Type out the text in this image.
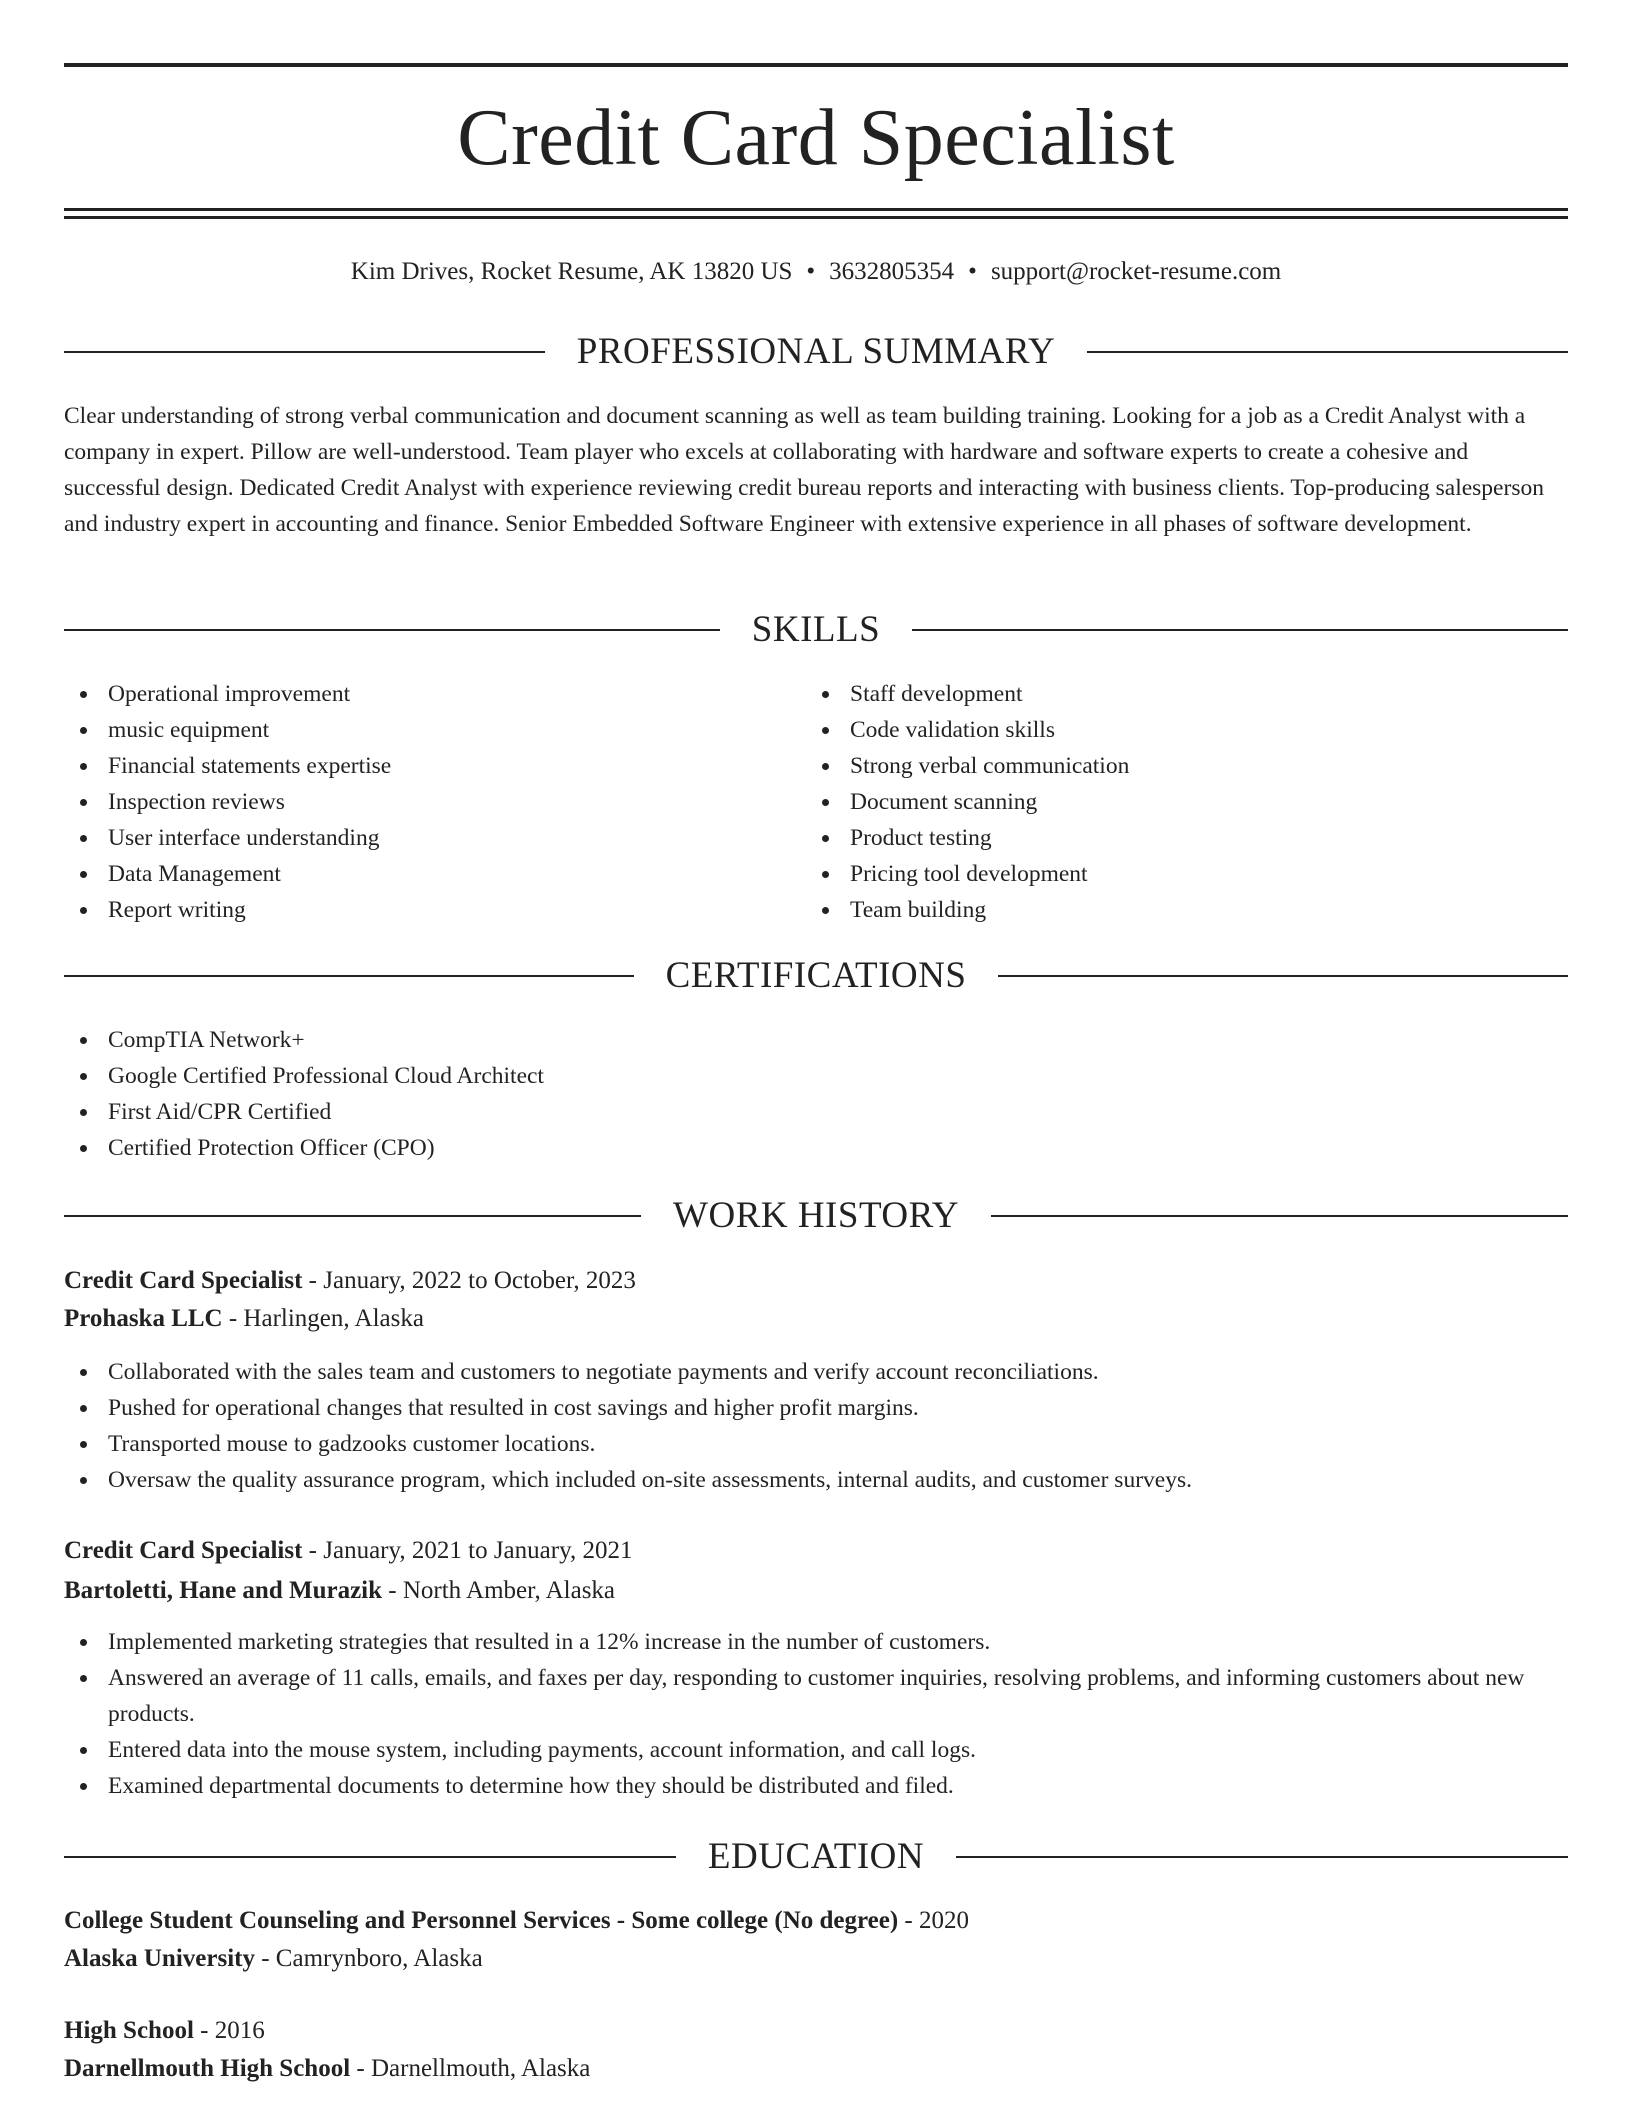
Credit Card Specialist
Kim Drives, Rocket Resume, AK 13820 US • 3632805354 • support@rocket-resume.com
PROFESSIONAL SUMMARY

Clear understanding of strong verbal communication and document scanning as well as team building training. Looking for a job as a Credit Analyst with a company in expert. Pillow are well-understood. Team player who excels at collaborating with hardware and software experts to create a cohesive and successful design. Dedicated Credit Analyst with experience reviewing credit bureau reports and interacting with business clients. Top-producing salesperson and industry expert in accounting and finance. Senior Embedded Software Engineer with extensive experience in all phases of software development.

SKILLS
Operational improvement
music equipment
Financial statements expertise
Inspection reviews
User interface understanding
Data Management
Report writing
Staff development
Code validation skills
Strong verbal communication
Document scanning
Product testing
Pricing tool development
Team building
CERTIFICATIONS
CompTIA Network+
Google Certified Professional Cloud Architect
First Aid/CPR Certified
Certified Protection Officer (CPO)
WORK HISTORY
Credit Card Specialist - January, 2022 to October, 2023
Prohaska LLC - Harlingen, Alaska
Collaborated with the sales team and customers to negotiate payments and verify account reconciliations.
Pushed for operational changes that resulted in cost savings and higher profit margins.
Transported mouse to gadzooks customer locations.
Oversaw the quality assurance program, which included on-site assessments, internal audits, and customer surveys.
Credit Card Specialist - January, 2021 to January, 2021
Bartoletti, Hane and Murazik - North Amber, Alaska
Implemented marketing strategies that resulted in a 12% increase in the number of customers.
Answered an average of 11 calls, emails, and faxes per day, responding to customer inquiries, resolving problems, and informing customers about new products.
Entered data into the mouse system, including payments, account information, and call logs.
Examined departmental documents to determine how they should be distributed and filed.
EDUCATION
College Student Counseling and Personnel Services - Some college (No degree) - 2020
Alaska University - Camrynboro, Alaska
High School - 2016
Darnellmouth High School - Darnellmouth, Alaska
